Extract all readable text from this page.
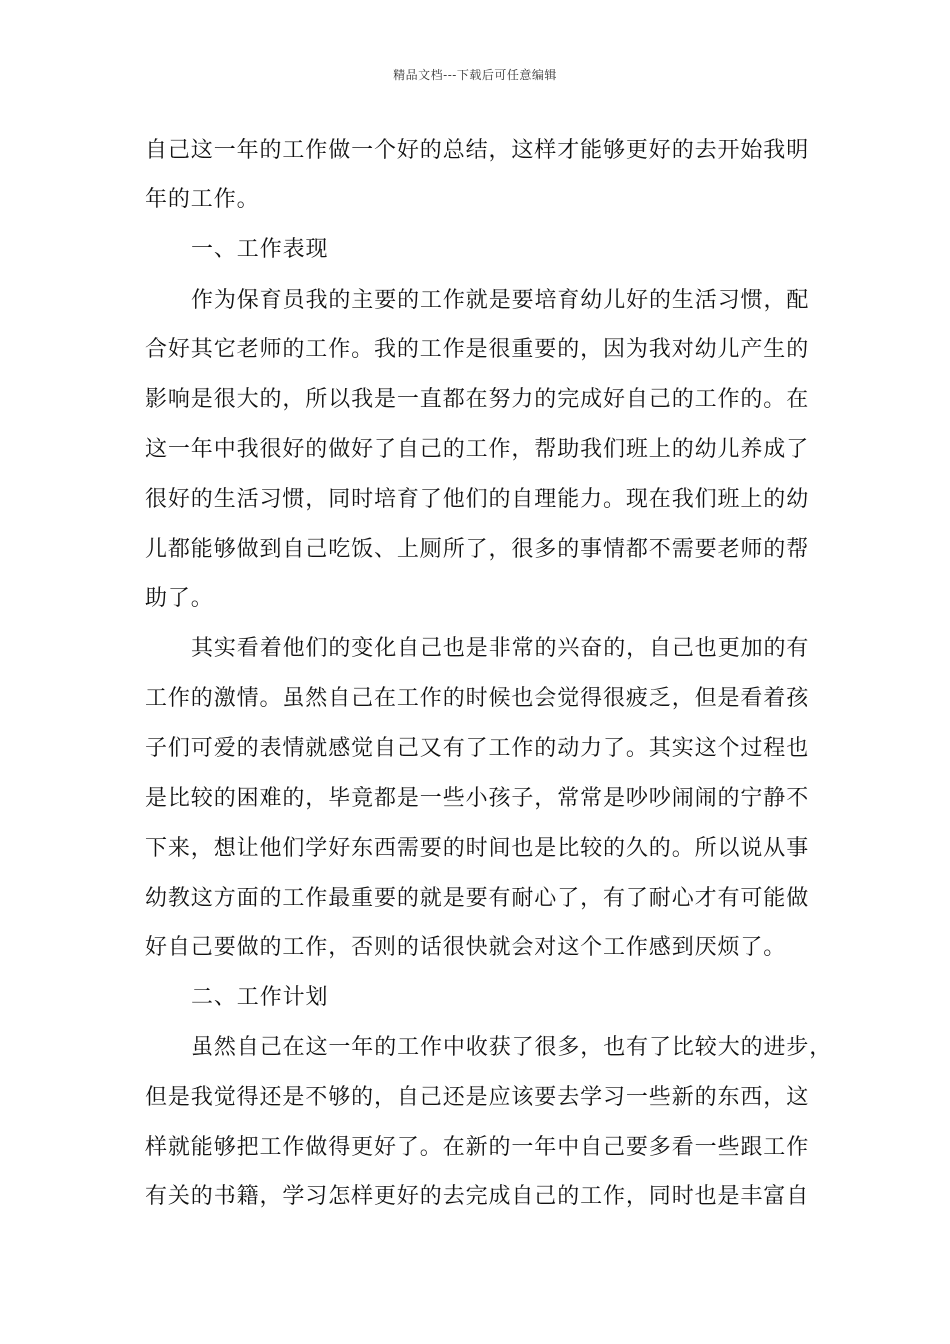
精品文档---下载后可任意编辑
自己这一年的工作做一个好的总结，这样才能够更好的去开始我明
年的工作。
一、工作表现
作为保育员我的主要的工作就是要培育幼儿好的生活习惯，配
合好其它老师的工作。我的工作是很重要的，因为我对幼儿产生的
影响是很大的，所以我是一直都在努力的完成好自己的工作的。在
这一年中我很好的做好了自己的工作，帮助我们班上的幼儿养成了
很好的生活习惯，同时培育了他们的自理能力。现在我们班上的幼
儿都能够做到自己吃饭、上厕所了，很多的事情都不需要老师的帮
助了。
其实看着他们的变化自己也是非常的兴奋的，自己也更加的有
工作的激情。虽然自己在工作的时候也会觉得很疲乏，但是看着孩
子们可爱的表情就感觉自己又有了工作的动力了。其实这个过程也
是比较的困难的，毕竟都是一些小孩子，常常是吵吵闹闹的宁静不
下来，想让他们学好东西需要的时间也是比较的久的。所以说从事
幼教这方面的工作最重要的就是要有耐心了，有了耐心才有可能做
好自己要做的工作，否则的话很快就会对这个工作感到厌烦了。
二、工作计划
虽然自己在这一年的工作中收获了很多，也有了比较大的进步，
但是我觉得还是不够的，自己还是应该要去学习一些新的东西，这
样就能够把工作做得更好了。在新的一年中自己要多看一些跟工作
有关的书籍，学习怎样更好的去完成自己的工作，同时也是丰富自
